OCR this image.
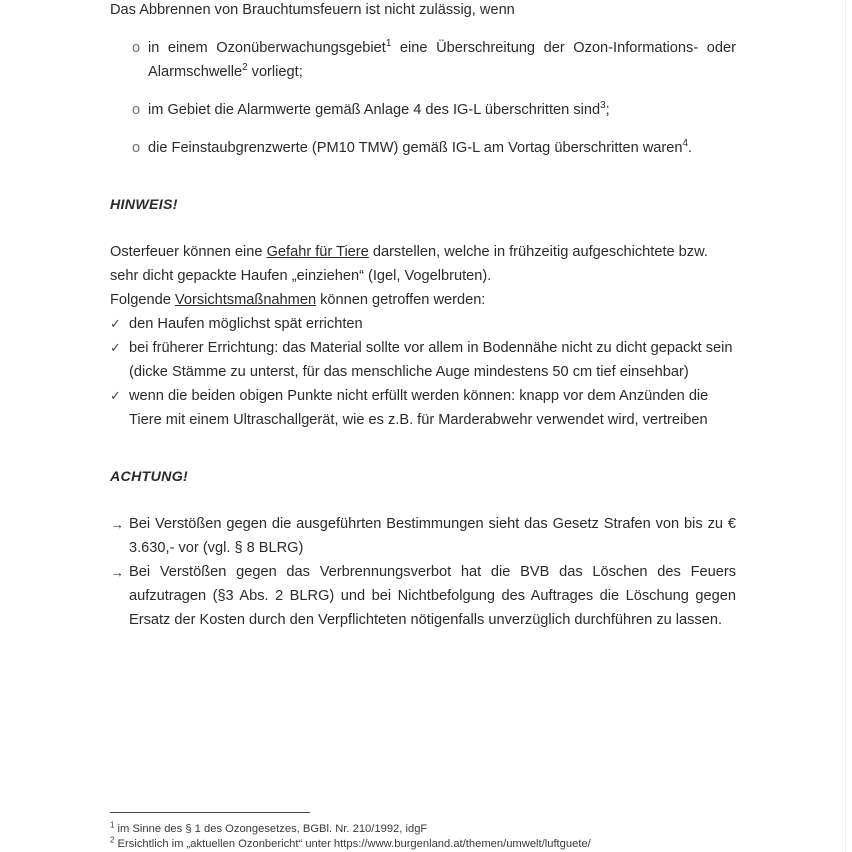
Das Abbrennen von Brauchtumsfeuern ist nicht zulässig, wenn

o in einem Ozonüberwachungsgebiet$^1$ eine Überschreitung der Ozon-Informations- oder Alarmschwelle$^2$ vorliegt;
o im Gebiet die Alarmwerte gemäß Anlage 4 des IG-L überschritten sind$^3$;
o die Feinstaubgrenzwerte (PM10 TMW) gemäß IG-L am Vortag überschritten waren$^4$.
HINWEIS!

Osterfeuer können eine Gefahr für Tiere darstellen, welche in frühzeitig aufgeschichtete bzw. sehr dicht gepackte Haufen „einziehen“ (Igel, Vogelbruten).

Folgende Vorsichtsmaßnahmen können getroffen werden:

✓ den Haufen möglichst spät errichten
✓ bei früherer Errichtung: das Material sollte vor allem in Bodennähe nicht zu dicht gepackt sein (dicke Stämme zu unterst, für das menschliche Auge mindestens 50 cm tief einsehbar)
✓ wenn die beiden obigen Punkte nicht erfüllt werden können: knapp vor dem Anzünden die Tiere mit einem Ultraschallgerät, wie es z.B. für Marderabwehr verwendet wird, vertreiben
ACHTUNG!
→ Bei Verstößen gegen die ausgeführten Bestimmungen sieht das Gesetz Strafen von bis zu € 3.630,- vor (vgl. § 8 BLRG)
→ Bei Verstößen gegen das Verbrennungsverbot hat die BVB das Löschen des Feuers aufzutragen (§3 Abs. 2 BLRG) und bei Nichtbefolgung des Auftrages die Löschung gegen Ersatz der Kosten durch den Verpflichteten nötigenfalls unverzüglich durchführen zu lassen.
$^1$ im Sinne des § 1 des Ozongesetzes, BGBl. Nr. 210/1992, idgF
$^2$ Ersichtlich im „aktuellen Ozonbericht“ unter https://www.burgenland.at/themen/umwelt/luftguete/
